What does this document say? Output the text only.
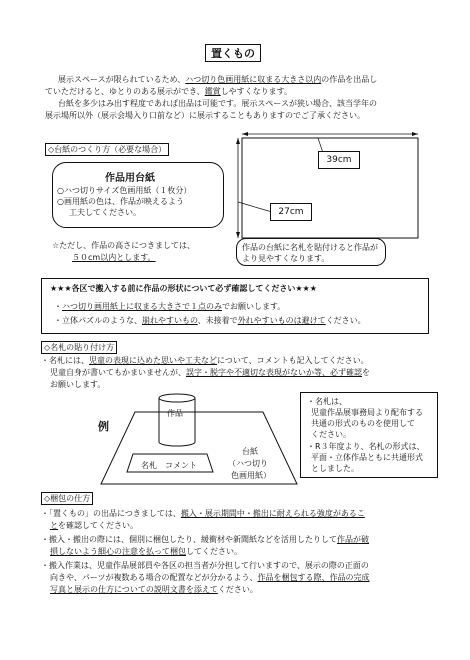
置くもの
展示スペースが限られているため、ハつ切り色画用紙に収まる大きさ以内の作品を出品し
ていただけると、ゆとりのある展示ができ、鑑賞しやすくなります。
台紙を多少はみ出す程度であれば出品は可能です。展示スペースが狭い場合、該当学年の
展示場所以外（展示会場入り口前など）に展示することもありますのでご了承ください。
◇台紙のつくり方（必要な場合）
作品用台紙
○ハつ切りサイズ色画用紙（１枚分）
○画用紙の色は、作品が映えるよう
工夫してください。
☆ただし、作品の高さにつきましては、
５０cm以内とします。
39cm
27cm
作品の台紙に名札を貼付けると作品が
より見やすくなります。
★★★各区で搬入する前に作品の形状について必ず確認してください★★★
・ハつ切り画用紙上に収まる大きさで１点のみでお願いします。
・立体パズルのような、崩れやすいもの、未接着で外れやすいものは避けてください。
◇名札の貼り付け方
・名札には、児童の表現に込めた思いや工夫などについて、コメントも記入してください。
児童自身が書いてもかまいませんが、誤字・脱字や不適切な表現がないか等、必ず確認を
お願いします。
例
作品
名札　コメント
台紙
（ハつ切り
色画用紙）
・名札は、
児童作品展事務局より配布する
共通の形式のものを使用して
ください。
・R３年度より、名札の形式は、
平面・立体作品ともに共通形式
としました。
◇梱包の仕方
・「置くもの」の出品につきましては、搬入・展示期間中・搬出に耐えられる強度があるこ
とを確認してください。
・搬入・搬出の際には、個別に梱包したり、緩衝材や新聞紙などを活用したりして作品が破
損しないよう細心の注意を払って梱包してください。
・搬入作業は、児童作品展部員や各区の担当者が分担して行いますので、展示の際の正面の
向きや、パーツが複数ある場合の配置などが分かるよう、作品を梱包する際、作品の完成
写真と展示の仕方についての説明文書を添えてください。
